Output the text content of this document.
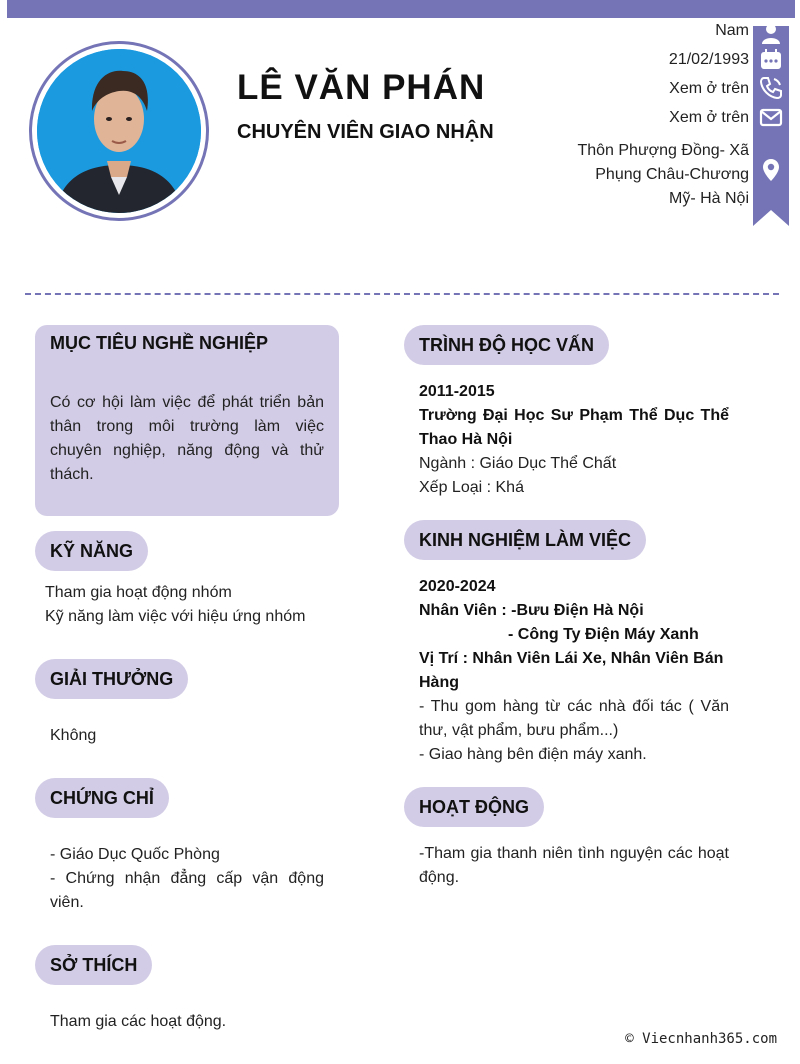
LÊ VĂN PHÁN
CHUYÊN VIÊN GIAO NHẬN
Nam
21/02/1993
Xem ở trên
Xem ở trên
Thôn Phượng Đồng- Xã
Phụng Châu-Chương
Mỹ- Hà Nội
MỤC TIÊU NGHỀ NGHIỆP
Có cơ hội làm việc để phát triển bản thân trong môi trường làm việc chuyên nghiệp, năng động và thử thách.
KỸ NĂNG
Tham gia hoạt động nhóm
Kỹ năng làm việc với hiệu ứng nhóm
GIẢI THƯỞNG
Không
CHỨNG CHỈ
- Giáo Dục Quốc Phòng
- Chứng nhận đẳng cấp vận động viên.
SỞ THÍCH
Tham gia các hoạt động.
TRÌNH ĐỘ HỌC VẤN
2011-2015
Trường Đại Học Sư Phạm Thể Dục Thể Thao Hà Nội
Ngành : Giáo Dục Thể Chất
Xếp Loại : Khá
KINH NGHIỆM LÀM VIỆC
2020-2024
Nhân Viên : -Bưu Điện Hà Nội
- Công Ty Điện Máy Xanh
Vị Trí : Nhân Viên Lái Xe, Nhân Viên Bán Hàng
- Thu gom hàng từ các nhà đối tác ( Văn thư, vật phẩm, bưu phẩm...)
- Giao hàng bên điện máy xanh.
HOẠT ĐỘNG
-Tham gia thanh niên tình nguyện các hoạt động.
© Viecnhanh365.com
